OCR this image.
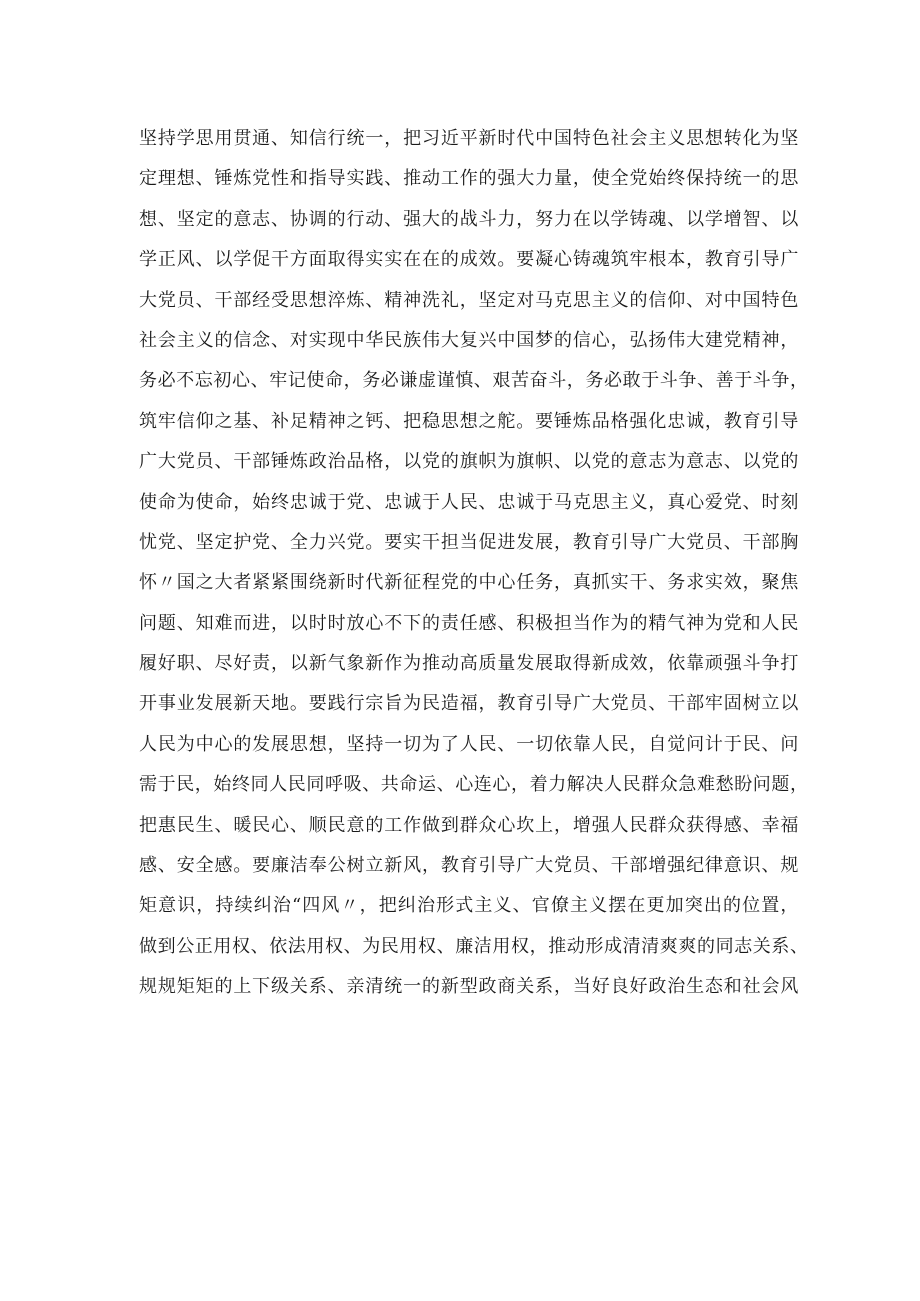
坚持学思用贯通、知信行统一，把习近平新时代中国特色社会主义思想转化为坚
定理想、锤炼党性和指导实践、推动工作的强大力量，使全党始终保持统一的思
想、坚定的意志、协调的行动、强大的战斗力，努力在以学铸魂、以学增智、以
学正风、以学促干方面取得实实在在的成效。要凝心铸魂筑牢根本，教育引导广
大党员、干部经受思想淬炼、精神洗礼，坚定对马克思主义的信仰、对中国特色
社会主义的信念、对实现中华民族伟大复兴中国梦的信心，弘扬伟大建党精神，
务必不忘初心、牢记使命，务必谦虚谨慎、艰苦奋斗，务必敢于斗争、善于斗争，
筑牢信仰之基、补足精神之钙、把稳思想之舵。要锤炼品格强化忠诚，教育引导
广大党员、干部锤炼政治品格，以党的旗帜为旗帜、以党的意志为意志、以党的
使命为使命，始终忠诚于党、忠诚于人民、忠诚于马克思主义，真心爱党、时刻
忧党、坚定护党、全力兴党。要实干担当促进发展，教育引导广大党员、干部胸
怀〃国之大者紧紧围绕新时代新征程党的中心任务，真抓实干、务求实效，聚焦
问题、知难而进，以时时放心不下的责任感、积极担当作为的精气神为党和人民
履好职、尽好责，以新气象新作为推动高质量发展取得新成效，依靠顽强斗争打
开事业发展新天地。要践行宗旨为民造福，教育引导广大党员、干部牢固树立以
人民为中心的发展思想，坚持一切为了人民、一切依靠人民，自觉问计于民、问
需于民，始终同人民同呼吸、共命运、心连心，着力解决人民群众急难愁盼问题，
把惠民生、暖民心、顺民意的工作做到群众心坎上，增强人民群众获得感、幸福
感、安全感。要廉洁奉公树立新风，教育引导广大党员、干部增强纪律意识、规
矩意识，持续纠治“四风〃，把纠治形式主义、官僚主义摆在更加突出的位置，
做到公正用权、依法用权、为民用权、廉洁用权，推动形成清清爽爽的同志关系、
规规矩矩的上下级关系、亲清统一的新型政商关系，当好良好政治生态和社会风
